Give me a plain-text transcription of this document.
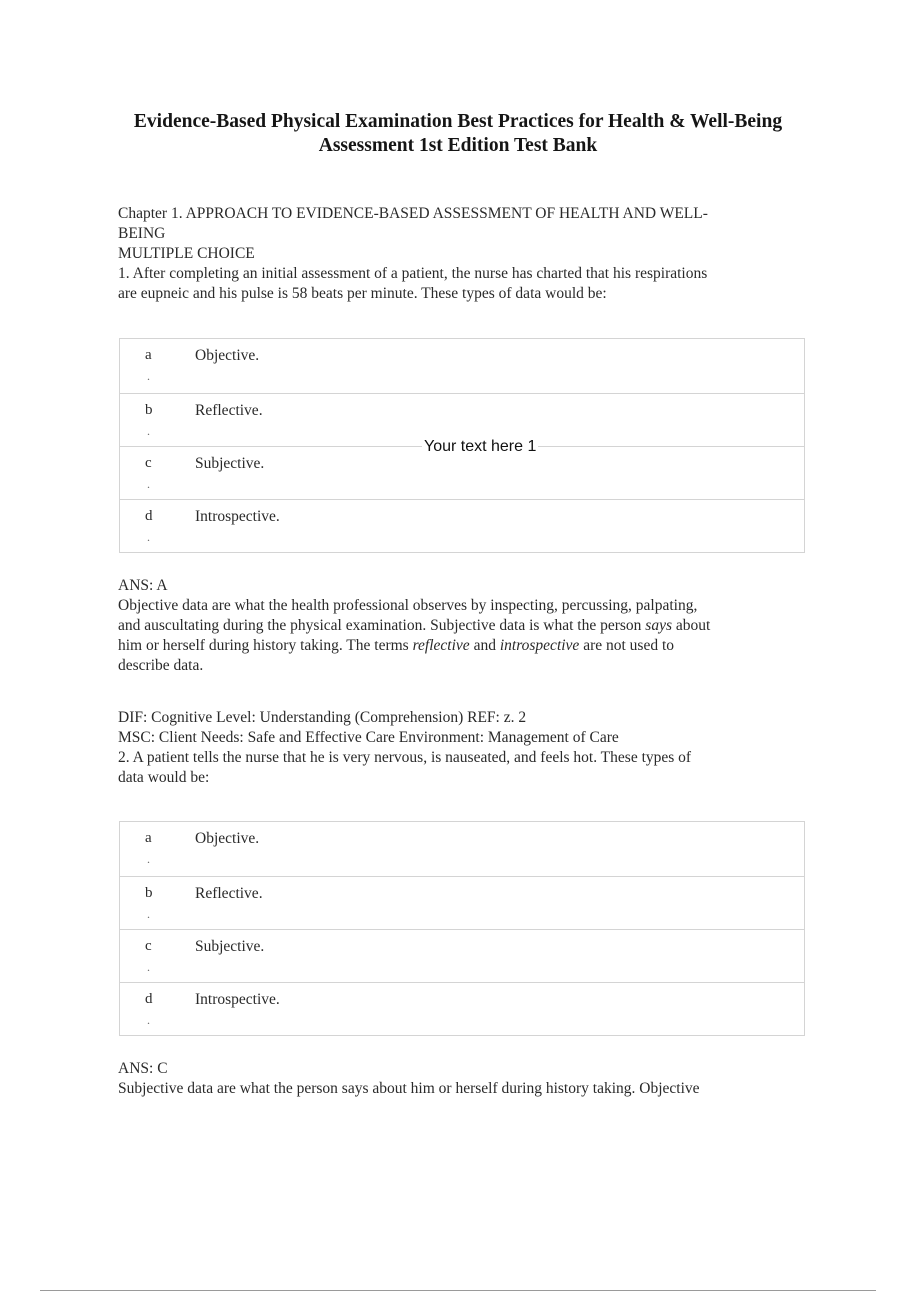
Evidence-Based Physical Examination Best Practices for Health & Well-Being
Assessment 1st Edition Test Bank

Chapter 1. APPROACH TO EVIDENCE-BASED ASSESSMENT OF HEALTH AND WELL-

BEING

MULTIPLE CHOICE

1. After completing an initial assessment of a patient, the nurse has charted that his respirations

are eupneic and his pulse is 58 beats per minute. These types of data would be:

a
.
Objective.
b
.
Reflective.
c
.
Subjective.
d
.
Introspective.
Your text here 1

ANS: A

Objective data are what the health professional observes by inspecting, percussing, palpating,

and auscultating during the physical examination. Subjective data is what the person says about

him or herself during history taking. The terms reflective and introspective are not used to

describe data.

DIF: Cognitive Level: Understanding (Comprehension) REF: z. 2

MSC: Client Needs: Safe and Effective Care Environment: Management of Care

2. A patient tells the nurse that he is very nervous, is nauseated, and feels hot. These types of

data would be:

a
.
Objective.
b
.
Reflective.
c
.
Subjective.
d
.
Introspective.

ANS: C

Subjective data are what the person says about him or herself during history taking. Objective
